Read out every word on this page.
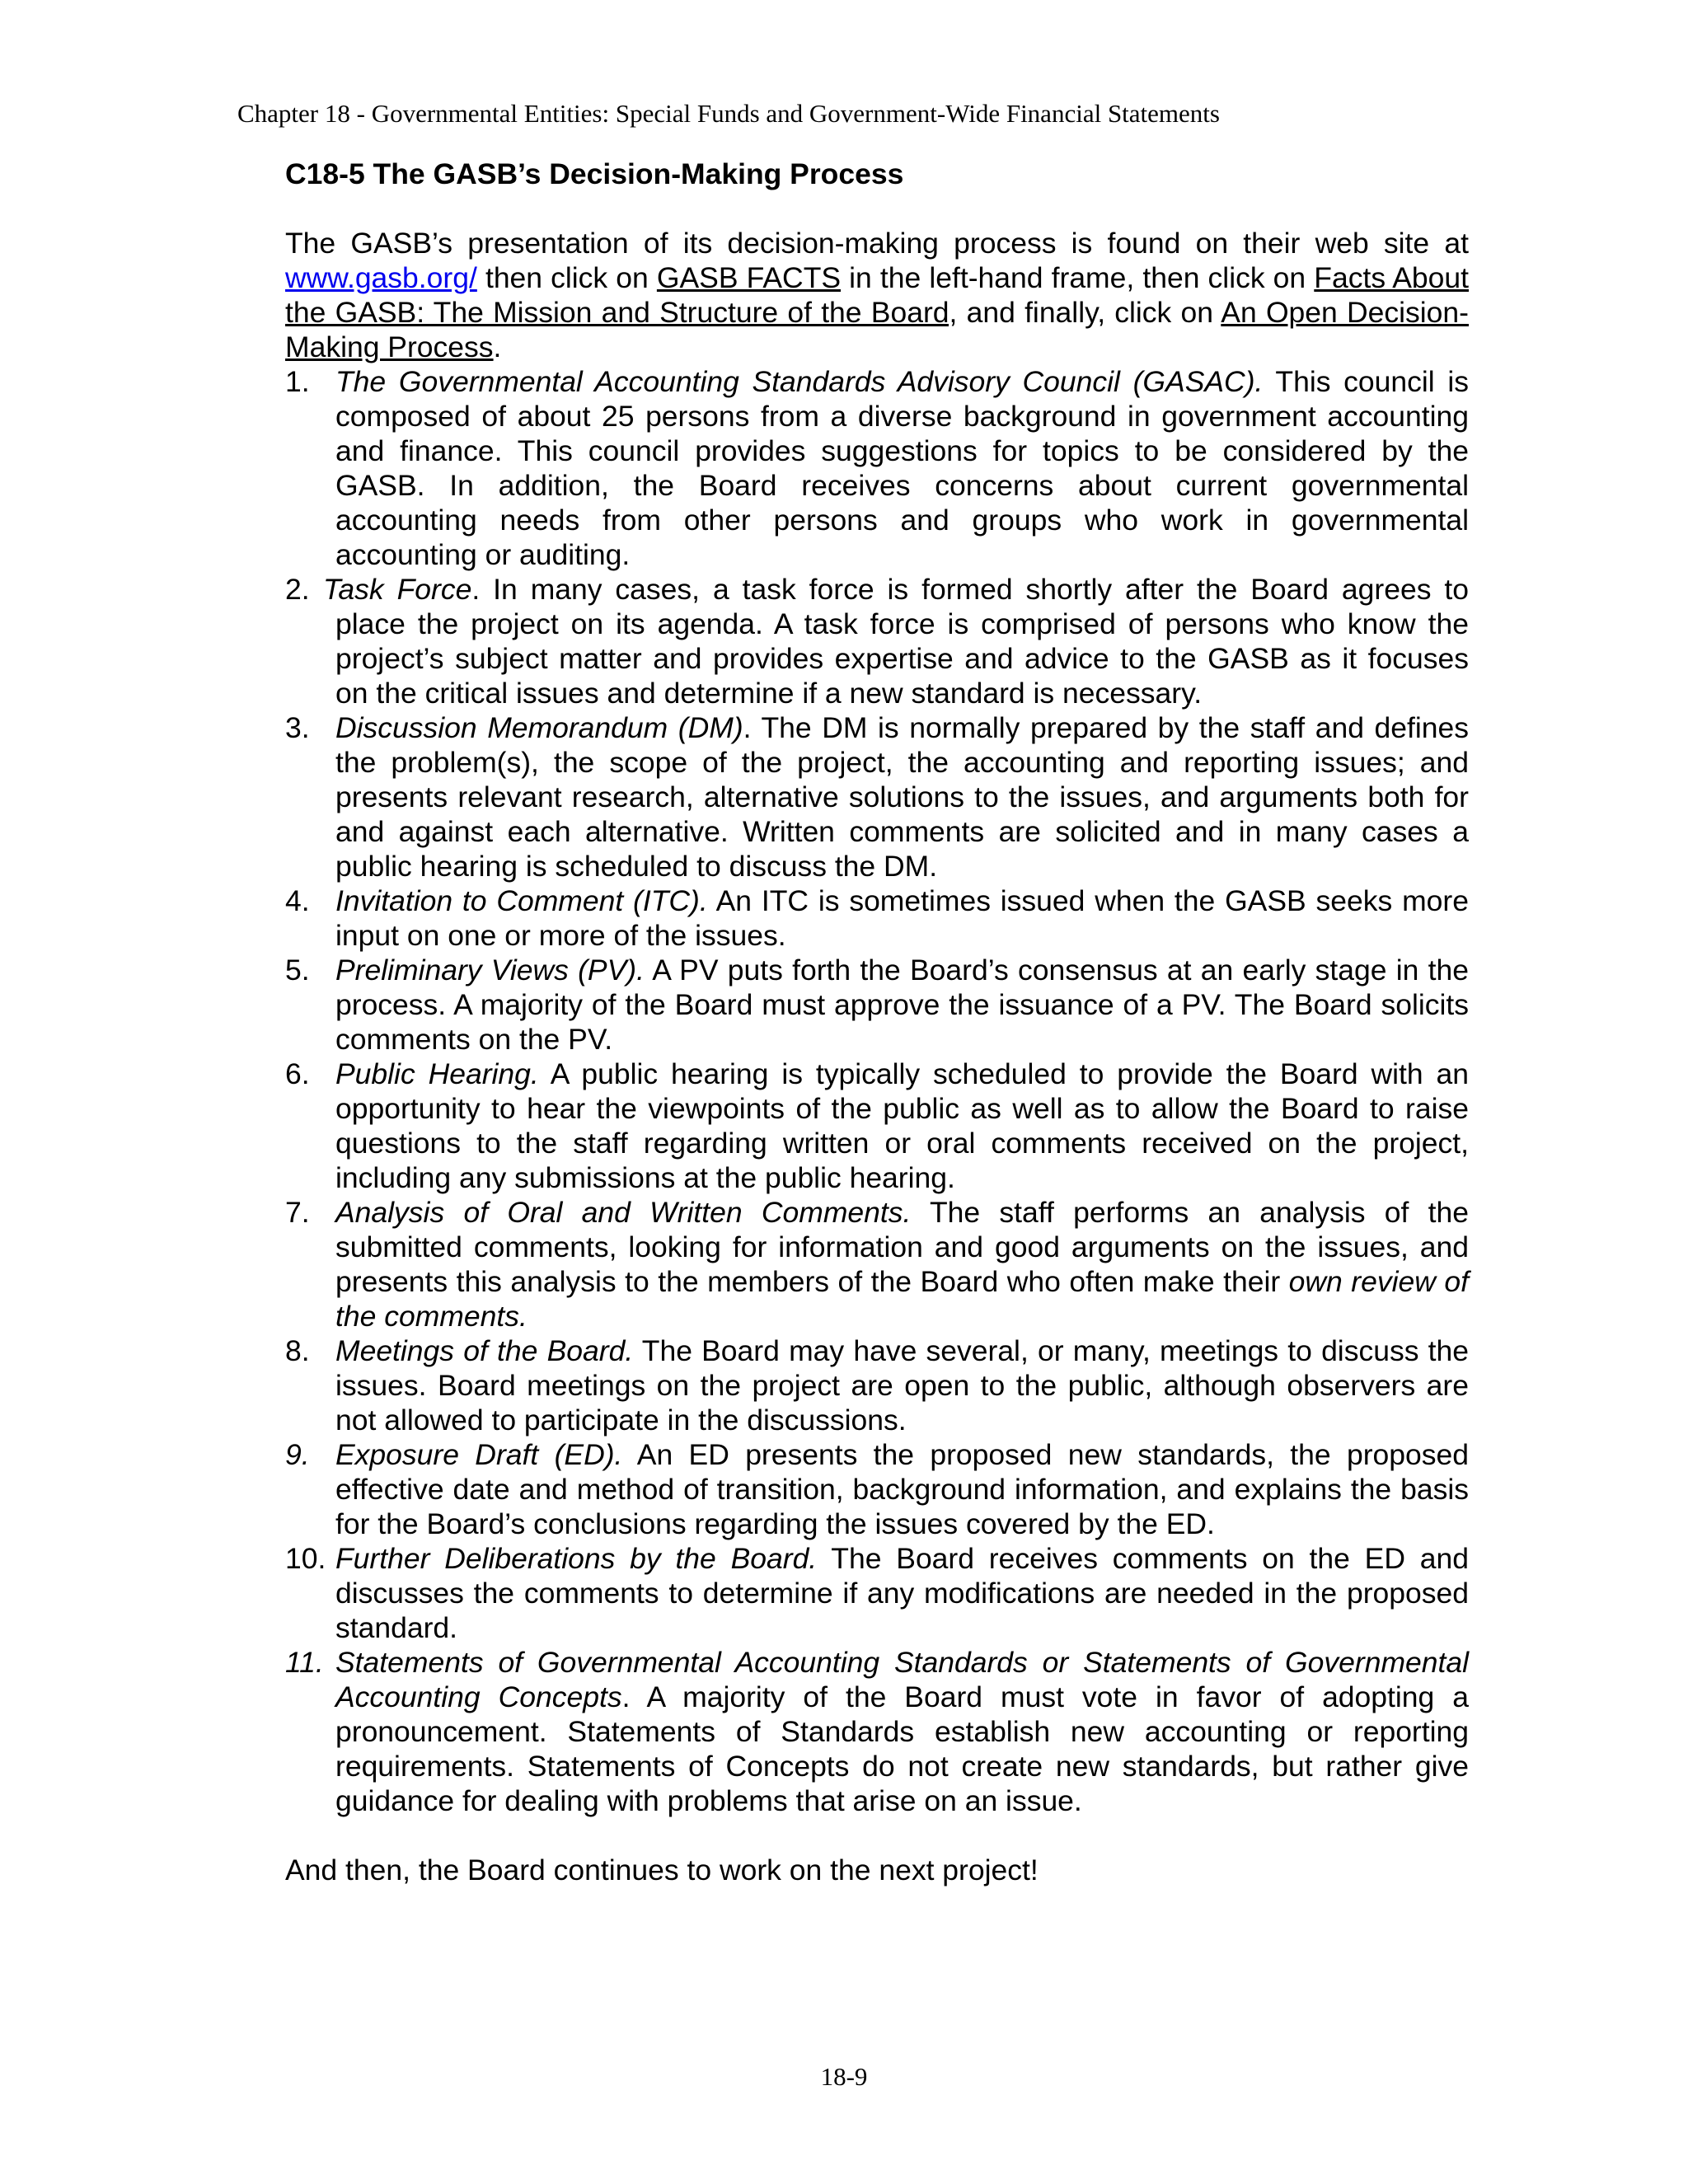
Chapter 18 - Governmental Entities: Special Funds and Government-Wide Financial Statements
C18-5 The GASB’s Decision-Making Process

The GASB’s presentation of its decision-making process is found on their web site at www.gasb.org/ then click on GASB FACTS in the left-hand frame, then click on Facts About the GASB: The Mission and Structure of the Board, and finally, click on An Open Decision-Making Process.

1. The Governmental Accounting Standards Advisory Council (GASAC). This council is composed of about 25 persons from a diverse background in government accounting and finance. This council provides suggestions for topics to be considered by the GASB. In addition, the Board receives concerns about current governmental accounting needs from other persons and groups who work in governmental accounting or auditing.
2. Task Force. In many cases, a task force is formed shortly after the Board agrees to place the project on its agenda. A task force is comprised of persons who know the project’s subject matter and provides expertise and advice to the GASB as it focuses on the critical issues and determine if a new standard is necessary.
3. Discussion Memorandum (DM). The DM is normally prepared by the staff and defines the problem(s), the scope of the project, the accounting and reporting issues; and presents relevant research, alternative solutions to the issues, and arguments both for and against each alternative. Written comments are solicited and in many cases a public hearing is scheduled to discuss the DM.
4. Invitation to Comment (ITC). An ITC is sometimes issued when the GASB seeks more input on one or more of the issues.
5. Preliminary Views (PV). A PV puts forth the Board’s consensus at an early stage in the process. A majority of the Board must approve the issuance of a PV. The Board solicits comments on the PV.
6. Public Hearing. A public hearing is typically scheduled to provide the Board with an opportunity to hear the viewpoints of the public as well as to allow the Board to raise questions to the staff regarding written or oral comments received on the project, including any submissions at the public hearing.
7. Analysis of Oral and Written Comments. The staff performs an analysis of the submitted comments, looking for information and good arguments on the issues, and presents this analysis to the members of the Board who often make their own review of the comments.
8. Meetings of the Board. The Board may have several, or many, meetings to discuss the issues. Board meetings on the project are open to the public, although observers are not allowed to participate in the discussions.
9. Exposure Draft (ED). An ED presents the proposed new standards, the proposed effective date and method of transition, background information, and explains the basis for the Board’s conclusions regarding the issues covered by the ED.
10. Further Deliberations by the Board. The Board receives comments on the ED and discusses the comments to determine if any modifications are needed in the proposed standard.
11. Statements of Governmental Accounting Standards or Statements of Governmental Accounting Concepts. A majority of the Board must vote in favor of adopting a pronouncement. Statements of Standards establish new accounting or reporting requirements. Statements of Concepts do not create new standards, but rather give guidance for dealing with problems that arise on an issue.

And then, the Board continues to work on the next project!

18-9
